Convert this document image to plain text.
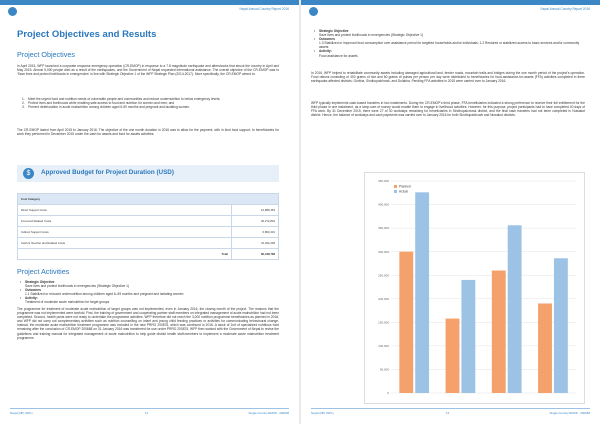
Nepal Annual Country Report 2016
Project Objectives and Results
Project Objectives

In April 2015, WFP launched a corporate response emergency operation (CR-EMOP) in response to a 7.8 magnitude earthquake and aftershocks that struck the country in April and May 2015. Almost 9,000 people died as a result of the earthquakes, and the Government of Nepal requested international assistance. The overall objective of the CR-EMOP was to 'Save lives and protect livelihoods in emergencies' in line with Strategic Objective 1 of the WFP Strategic Plan (2014-2017). More specifically, the CR-EMOP aimed to:

1. Meet the urgent food and nutrition needs of vulnerable people and communities and reduce undernutrition to below emergency levels;
2. Protect lives and livelihoods while enabling safe access to food and nutrition for women and men; and
3. Prevent deterioration in acute malnutrition among children aged 6-59 months and pregnant and lactating women.

The CR-EMOP lasted from April 2015 to January 2016. The objective of the one month duration in 2016 was to allow for the payment, with in kind food support, to beneficiaries for work they performed in December 2015 under the cash for assets and food for assets activities.

$	Approved Budget for Project Duration (USD)
Cost Category	
Direct Support Costs	12,889,454
Food and Related Costs	30,272,822
Indirect Support Costs	6,860,431
Cash & Voucher and Related Costs	31,452,248
Total	80,438,768
Project Activities
• Strategic Objective
Save lives and protect livelihoods in emergencies (Strategic Objective 1)
• Outcomes
1.1 Stabilized or reduced undernutrition among children aged 6–59 months and pregnant and lactating women
• Activity:
Treatment of moderate acute malnutrition for target groups

The programme for treatment of moderate acute malnutrition of target groups was not implemented, even in January 2016, the closing month of the project. The reasons that the programme was not implemented were twofold. First, the training of government and cooperating partner staff-members on integrated management of acute malnutrition had not been completed. Second, health posts were not ready to undertake the programme activities. WFP therefore did not reach the 3,000 nutrition programme beneficiaries as planned in 2016, and WFP did not carry out complementary activities such as nutrition counselling on infant and young child feeding practices or activities for communicating behavioural change. Instead, the moderate acute malnutrition treatment programme was included in the new PRRO 200875, which was continued in 2016. A stock of 1mt of specialized nutritious food remaining after the conclusion of CR-EMOP 200668 on 31 January 2016 was transferred for use under PRRO 200875. WFP then worked with the Government of Nepal to revise the guidelines and training manual for integrated management of acute malnutrition to help guide district health staff-members to implement a moderate acute malnutrition treatment programme.

Nepal (NP) (NPL)	11	Single Country EMOP - 200668
Nepal Annual Country Report 2016
• Strategic Objective
Save lives and protect livelihoods in emergencies (Strategic Objective 1)
• Outcomes
1.3 Stabilized or improved food consumption over assistance period for targeted households and/or individuals; 1.2 Restored or stabilized access to basic services and/or community assets
• Activity:
Food assistance for assets

In 2016, WFP helped to rehabilitate community assets including damaged agricultural land, feeder roads, mountain trails and bridges during the one month period of the project’s operation. Food rations consisting of 400 grams of rice and 60 grams of pulses per person per day were distributed to beneficiaries for food-assistance-for-assets (FFA) activities completed in three earthquake-affected districts: Gorkha, Sindhupalchowk, and Dolakha. Pending FFA activities in 2015 were carried over to January 2016.

WFP typically implements cash-based transfers in two instalments. During the CR-EMOP’s third phase, FFA beneficiaries indicated a strong preference to receive their full entitlement for the third phase in one instalment, as a lump-sum of money would enable them to engage in livelihood activities. However, for this purpose, project participants had to have completed 40 days of FFA work. By 31 December 2015, there were 27 of 30 workdays remaining for beneficiaries in Sindhupalchowk district, and the final cash transfers had not been completed in Nuwakot district. Hence, the balance of workdays and cash payments was carried over to January 2016 for both Sindhupalchowk and Nuwakot districts.

Nepal (NP) (NPL)	12	Single Country EMOP - 200668
450,000
400,000
350,000
300,000
250,000
200,000
150,000
100,000
50,000
0
Planned
Actual
